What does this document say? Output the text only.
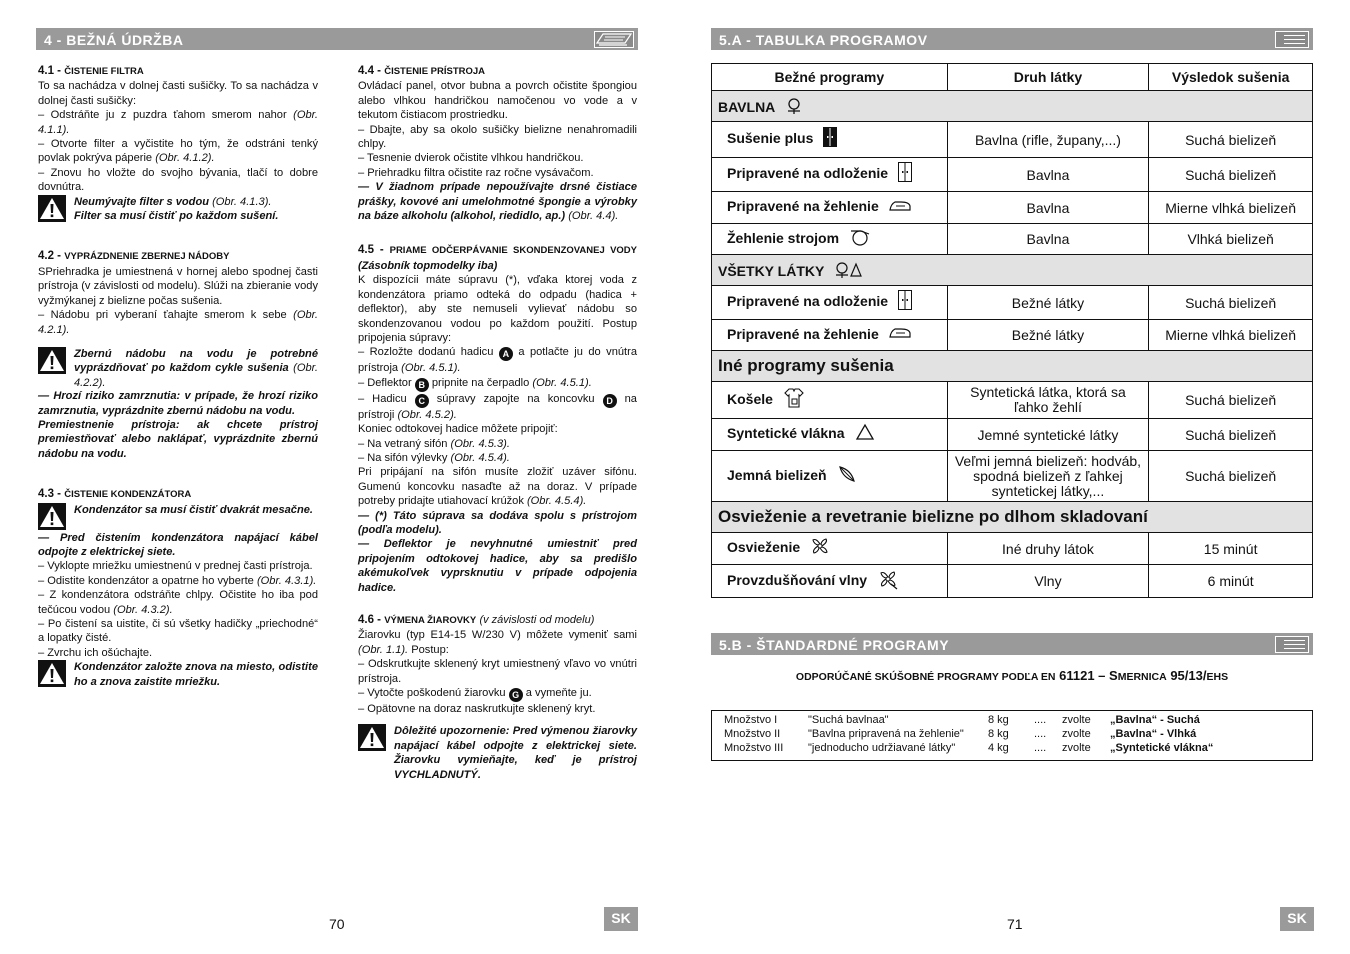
4 - BEŽNÁ ÚDRŽBA

4.1 - ČISTENIE FILTRA

To sa nachádza v dolnej časti sušičky. To sa nachádza v dolnej časti sušičky:

– Odstráňte ju z puzdra ťahom smerom nahor (Obr. 4.1.1).

– Otvorte filter a vyčistite ho tým, že odstráni tenký povlak pokrýva páperie (Obr. 4.1.2).

– Znovu ho vložte do svojho bývania, tlačí to dobre dovnútra.

Neumývajte filter s vodou (Obr. 4.1.3).
Filter sa musí čistiť po každom sušení.

4.2 - VYPRÁZDNENIE ZBERNEJ NÁDOBY

SPriehradka je umiestnená v hornej alebo spodnej časti prístroja (v závislosti od modelu). Slúži na zbieranie vody vyžmýkanej z bielizne počas sušenia.

– Nádobu pri vyberaní ťahajte smerom k sebe (Obr. 4.2.1).

Zbernú nádobu na vodu je potrebné vyprázdňovať po každom cykle sušenia (Obr. 4.2.2).

— Hrozí riziko zamrznutia: v prípade, že hrozí riziko zamrznutia, vyprázdnite zbernú nádobu na vodu.

Premiestnenie prístroja: ak chcete prístroj premiestňovať alebo naklápať, vyprázdnite zbernú nádobu na vodu.

4.3 - ČISTENIE KONDENZÁTORA

Kondenzátor sa musí čistiť dvakrát mesačne.

— Pred čistením kondenzátora napájací kábel odpojte z elektrickej siete.

– Vyklopte mriežku umiestnenú v prednej časti prístroja.

– Odistite kondenzátor a opatrne ho vyberte (Obr. 4.3.1).

– Z kondenzátora odstráňte chlpy. Očistite ho iba pod tečúcou vodou (Obr. 4.3.2).

– Po čistení sa uistite, či sú všetky hadičky „priechodné“ a lopatky čisté.

– Zvrchu ich ošúchajte.

Kondenzátor založte znova na miesto, odistite ho a znova zaistite mriežku.

4.4 - ČISTENIE PRÍSTROJA

Ovládací panel, otvor bubna a povrch očistite špongiou alebo vlhkou handričkou namočenou vo vode a v tekutom čistiacom prostriedku.

– Dbajte, aby sa okolo sušičky bielizne nenahromadili chlpy.

– Tesnenie dvierok očistite vlhkou handričkou.

– Priehradku filtra očistite raz ročne vysávačom.

— V žiadnom prípade nepoužívajte drsné čistiace prášky, kovové ani umelohmotné špongie a výrobky na báze alkoholu (alkohol, riedidlo, ap.) (Obr. 4.4).

4.5 - PRIAME ODČERPÁVANIE SKONDENZOVANEJ VODY (Zásobník topmodelky iba)

K dispozícii máte súpravu (*), vďaka ktorej voda z kondenzátora priamo odteká do odpadu (hadica + deflektor), aby ste nemuseli vylievať nádobu so skondenzovanou vodou po každom použití. Postup pripojenia súpravy:

– Rozložte dodanú hadicu A a potlačte ju do vnútra prístroja (Obr. 4.5.1).

– Deflektor B pripnite na čerpadlo (Obr. 4.5.1).

– Hadicu C súpravy zapojte na koncovku D na prístroji (Obr. 4.5.2).

Koniec odtokovej hadice môžete pripojiť:

– Na vetraný sifón (Obr. 4.5.3).

– Na sifón výlevky (Obr. 4.5.4).

Pri pripájaní na sifón musíte zložiť uzáver sifónu. Gumenú koncovku nasaďte až na doraz. V prípade potreby pridajte utiahovací krúžok (Obr. 4.5.4).

— (*) Táto súprava sa dodáva spolu s prístrojom (podľa modelu).

— Deflektor je nevyhnutné umiestniť pred pripojením odtokovej hadice, aby sa predišlo akémukoľvek vyprsknutiu v prípade odpojenia hadice.

4.6 - VÝMENA ŽIAROVKY (v závislosti od modelu)

Žiarovku (typ E14-15 W/230 V) môžete vymeniť sami (Obr. 1.1). Postup:

– Odskrutkujte sklenený kryt umiestnený vľavo vo vnútri prístroja.

– Vytočte poškodenú žiarovku G a vymeňte ju.

– Opätovne na doraz naskrutkujte sklenený kryt.

Dôležité upozornenie: Pred výmenou žiarovky napájací kábel odpojte z elektrickej siete. Žiarovku vymieňajte, keď je prístroj VYCHLADNUTÝ.
70	SK
5.A - TABULKA PROGRAMOV
Bežné programy	Druh látky	Výsledok sušenia
BAVLNA		
Sušenie plus	Bavlna (rifle, župany,...)	Suchá bielizeň
Pripravené na odloženie	Bavlna	Suchá bielizeň
Pripravené na žehlenie	Bavlna	Mierne vlhká bielizeň
Žehlenie strojom	Bavlna	Vlhká bielizeň
VŠETKY LÁTKY		
Pripravené na odloženie	Bežné látky	Suchá bielizeň
Pripravené na žehlenie	Bežné látky	Mierne vlhká bielizeň
Iné programy sušenia		
Košele	Syntetická látka, ktorá sa ľahko žehlí	Suchá bielizeň
Syntetické vlákna	Jemné syntetické látky	Suchá bielizeň
Jemná bielizeň	Veľmi jemná bielizeň: hodváb, spodná bielizeň z ľahkej syntetickej látky,...	Suchá bielizeň
Osvieženie a revetranie bielizne po dlhom skladovaní		
Osvieženie	Iné druhy látok	15 minút
Provzdušňování vlny	Vlny	6 minút
5.B - ŠTANDARDNÉ PROGRAMY
ODPORÚČANÉ SKÚŠOBNÉ PROGRAMY PODĽA EN 61121 – SMERNICA 95/13/EHS
Množstvo I	"Suchá bavlnaa"	8 kg	....	zvolte	„Bavlna“ - Suchá
Množstvo II	"Bavlna pripravená na žehlenie"	8 kg	....	zvolte	„Bavlna“ - Vlhká
Množstvo III	"jednoducho udržiavané látky"	4 kg	....	zvolte	„Syntetické vlákna“
71	SK
